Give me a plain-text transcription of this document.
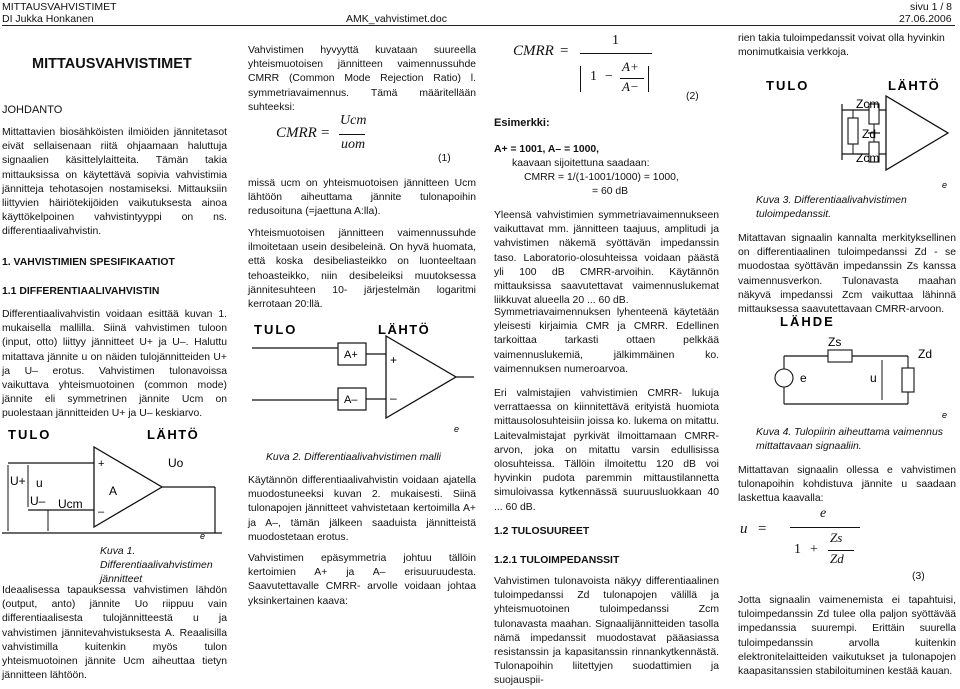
MITTAUSVAHVISTIMET	sivu 1 / 8
DI Jukka Honkanen	AMK_vahvistimet.doc	27.06.2006
MITTAUSVAHVISTIMET
JOHDANTO
Mittattavien biosähköisten ilmiöiden jännitetasot eivät sellaisenaan riitä ohjaamaan haluttuja signaalien käsittelylaitteita. Tämän takia mittauksissa on käytettävä sopivia vahvistimia jännitteja tehotasojen nostamiseksi. Mittauksiin liittyvien häiriötekijöiden vaikutuksesta ainoa käyttökelpoinen vahvistintyyppi on ns. differentiaalivahvistin.
1. VAHVISTIMIEN SPESIFIKAATIOT
1.1 DIFFERENTIAALIVAHVISTIN
Differentiaalivahvistin voidaan esittää kuvan 1. mukaisella mallilla. Siinä vahvistimen tuloon (input, otto) liittyy jännitteet U+ ja U–. Haluttu mitattava jännite u on näiden tulojännitteiden U+ ja U– erotus. Vahvistimen tulonavoissa vaikuttava yhteismuotoinen (common mode) jännite eli symmetrinen jännite Ucm on puolestaan jännitteiden U+ ja U– keskiarvo.
TULO	LÄHTÖ
A
+
–
U+ u
U– Ucm
Uo
e
Kuva 1. Differentiaalivahvistimen jännitteet
Ideaalisessa tapauksessa vahvistimen lähdön (output, anto) jännite Uo riippuu vain differentiaalisesta tulojännitteestä u ja vahvistimen jännitevahvistuksesta A. Reaalisilla vahvistimilla kuitenkin myös tulon yhteismuotoinen jännite Ucm aiheuttaa tietyn jännitteen lähtöön.
Vahvistimen hyvyyttä kuvataan suureella yhteismuotoisen jännitteen vaimennussuhde CMRR (Common Mode Rejection Ratio) l. symmetriavaimennus. Tämä määritellään suhteeksi:
CMRR =
Ucm
uom
(1)
missä ucm on yhteismuotoisen jännitteen Ucm lähtöön aiheuttama jännite tulonapoihin redusoituna (=jaettuna A:lla).
Yhteismuotoisen jännitteen vaimennussuhde ilmoitetaan usein desibeleinä. On hyvä huomata, että koska desibeliasteikko on luonteeltaan tehoasteikko, niin desibeleiksi muutoksessa jännitesuhteen 10- järjestelmän logaritmi kerrotaan 20:llä.
TULO	LÄHTÖ
A+
A–
+
–
e
Kuva 2. Differentiaalivahvistimen malli
Käytännön differentiaalivahvistin voidaan ajatella muodostuneeksi kuvan 2. mukaisesti. Siinä tulonapojen jännitteet vahvistetaan kertoimilla A+ ja A–, tämän jälkeen saaduista jännitteistä muodostetaan erotus.
Vahvistimen epäsymmetria johtuu tällöin kertoimien A+ ja A– erisuuruudesta. Saavutettavalle CMRR- arvolle voidaan johtaa yksinkertainen kaava:
CMRR =
1
1 −
A+
A−
(2)
Esimerkki:
A+ = 1001, A– = 1000,
kaavaan sijoitettuna saadaan:
CMRR = 1/(1-1001/1000) = 1000,
= 60 dB
Yleensä vahvistimien symmetriavaimennukseen vaikuttavat mm. jännitteen taajuus, amplitudi ja vahvistimen näkemä syöttävän impedanssin taso. Laboratorio-olosuhteissa voidaan päästä yli 100 dB CMRR-arvoihin. Käytännön mittauksissa saavutettavat vaimennuslukemat liikkuvat alueella 20 ... 60 dB.
Symmetriavaimennuksen lyhenteenä käytetään yleisesti kirjaimia CMR ja CMRR. Edellinen tarkoittaa tarkasti ottaen pelkkää vaimennuslukemiä, jälkimmäinen ko. vaimennuksen numeroarvoa.
Eri valmistajien vahvistimien CMRR- lukuja verrattaessa on kiinnitettävä erityistä huomiota mittausolosuhteisiin joissa ko. lukema on mitattu. Laitevalmistajat pyrkivät ilmoittamaan CMRR-arvon, joka on mitattu varsin edullisissa olosuhteissa. Tällöin ilmoitettu 120 dB voi hyvinkin pudota paremmin mittaustilannetta simuloivassa kytkennässä suuruusluokkaan 40 ... 60 dB.
1.2 TULOSUUREET
1.2.1 TULOIMPEDANSSIT
Vahvistimen tulonavoista näkyy differentiaalinen tuloimpedanssi Zd tulonapojen välillä ja yhteismuotoinen tuloimpedanssi Zcm tulonavasta maahan. Signaalijännitteiden tasolla nämä impedanssit muodostavat pääasiassa resistanssin ja kapasitanssin rinnankytkennästä. Tulonapoihin liitettyjen suodattimien ja suojauspii-
rien takia tuloimpedanssit voivat olla hyvinkin monimutkaisia verkkoja.
TULO	LÄHTÖ
Zcm
Zd
Zcm
e
Kuva 3. Differentiaalivahvistimen tuloimpedanssit.
Mitattavan signaalin kannalta merkityksellinen on differentiaalinen tuloimpedanssi Zd - se muodostaa syöttävän impedanssin Zs kanssa vaimennusverkon. Tulonavasta maahan näkyvä impedanssi Zcm vaikuttaa lähinnä mittauksessa saavutettavaan CMRR-arvoon.
LÄHDE
Zs
Zd
e	u
e
Kuva 4. Tulopiirin aiheuttama vaimennus mittattavaan signaaliin.
Mittattavan signaalin ollessa e vahvistimen tulonapoihin kohdistuva jännite u saadaan laskettua kaavalla:
u =
e
1 +
Zs
Zd
(3)
Jotta signaalin vaimenemista ei tapahtuisi, tuloimpedanssin Zd tulee olla paljon syöttävää impedanssia suurempi. Erittäin suurella tuloimpedanssin arvolla kuitenkin elektronitelaitteiden vaikutukset ja tulonapojen kaapasitanssien stabiloituminen kestää kauan.
